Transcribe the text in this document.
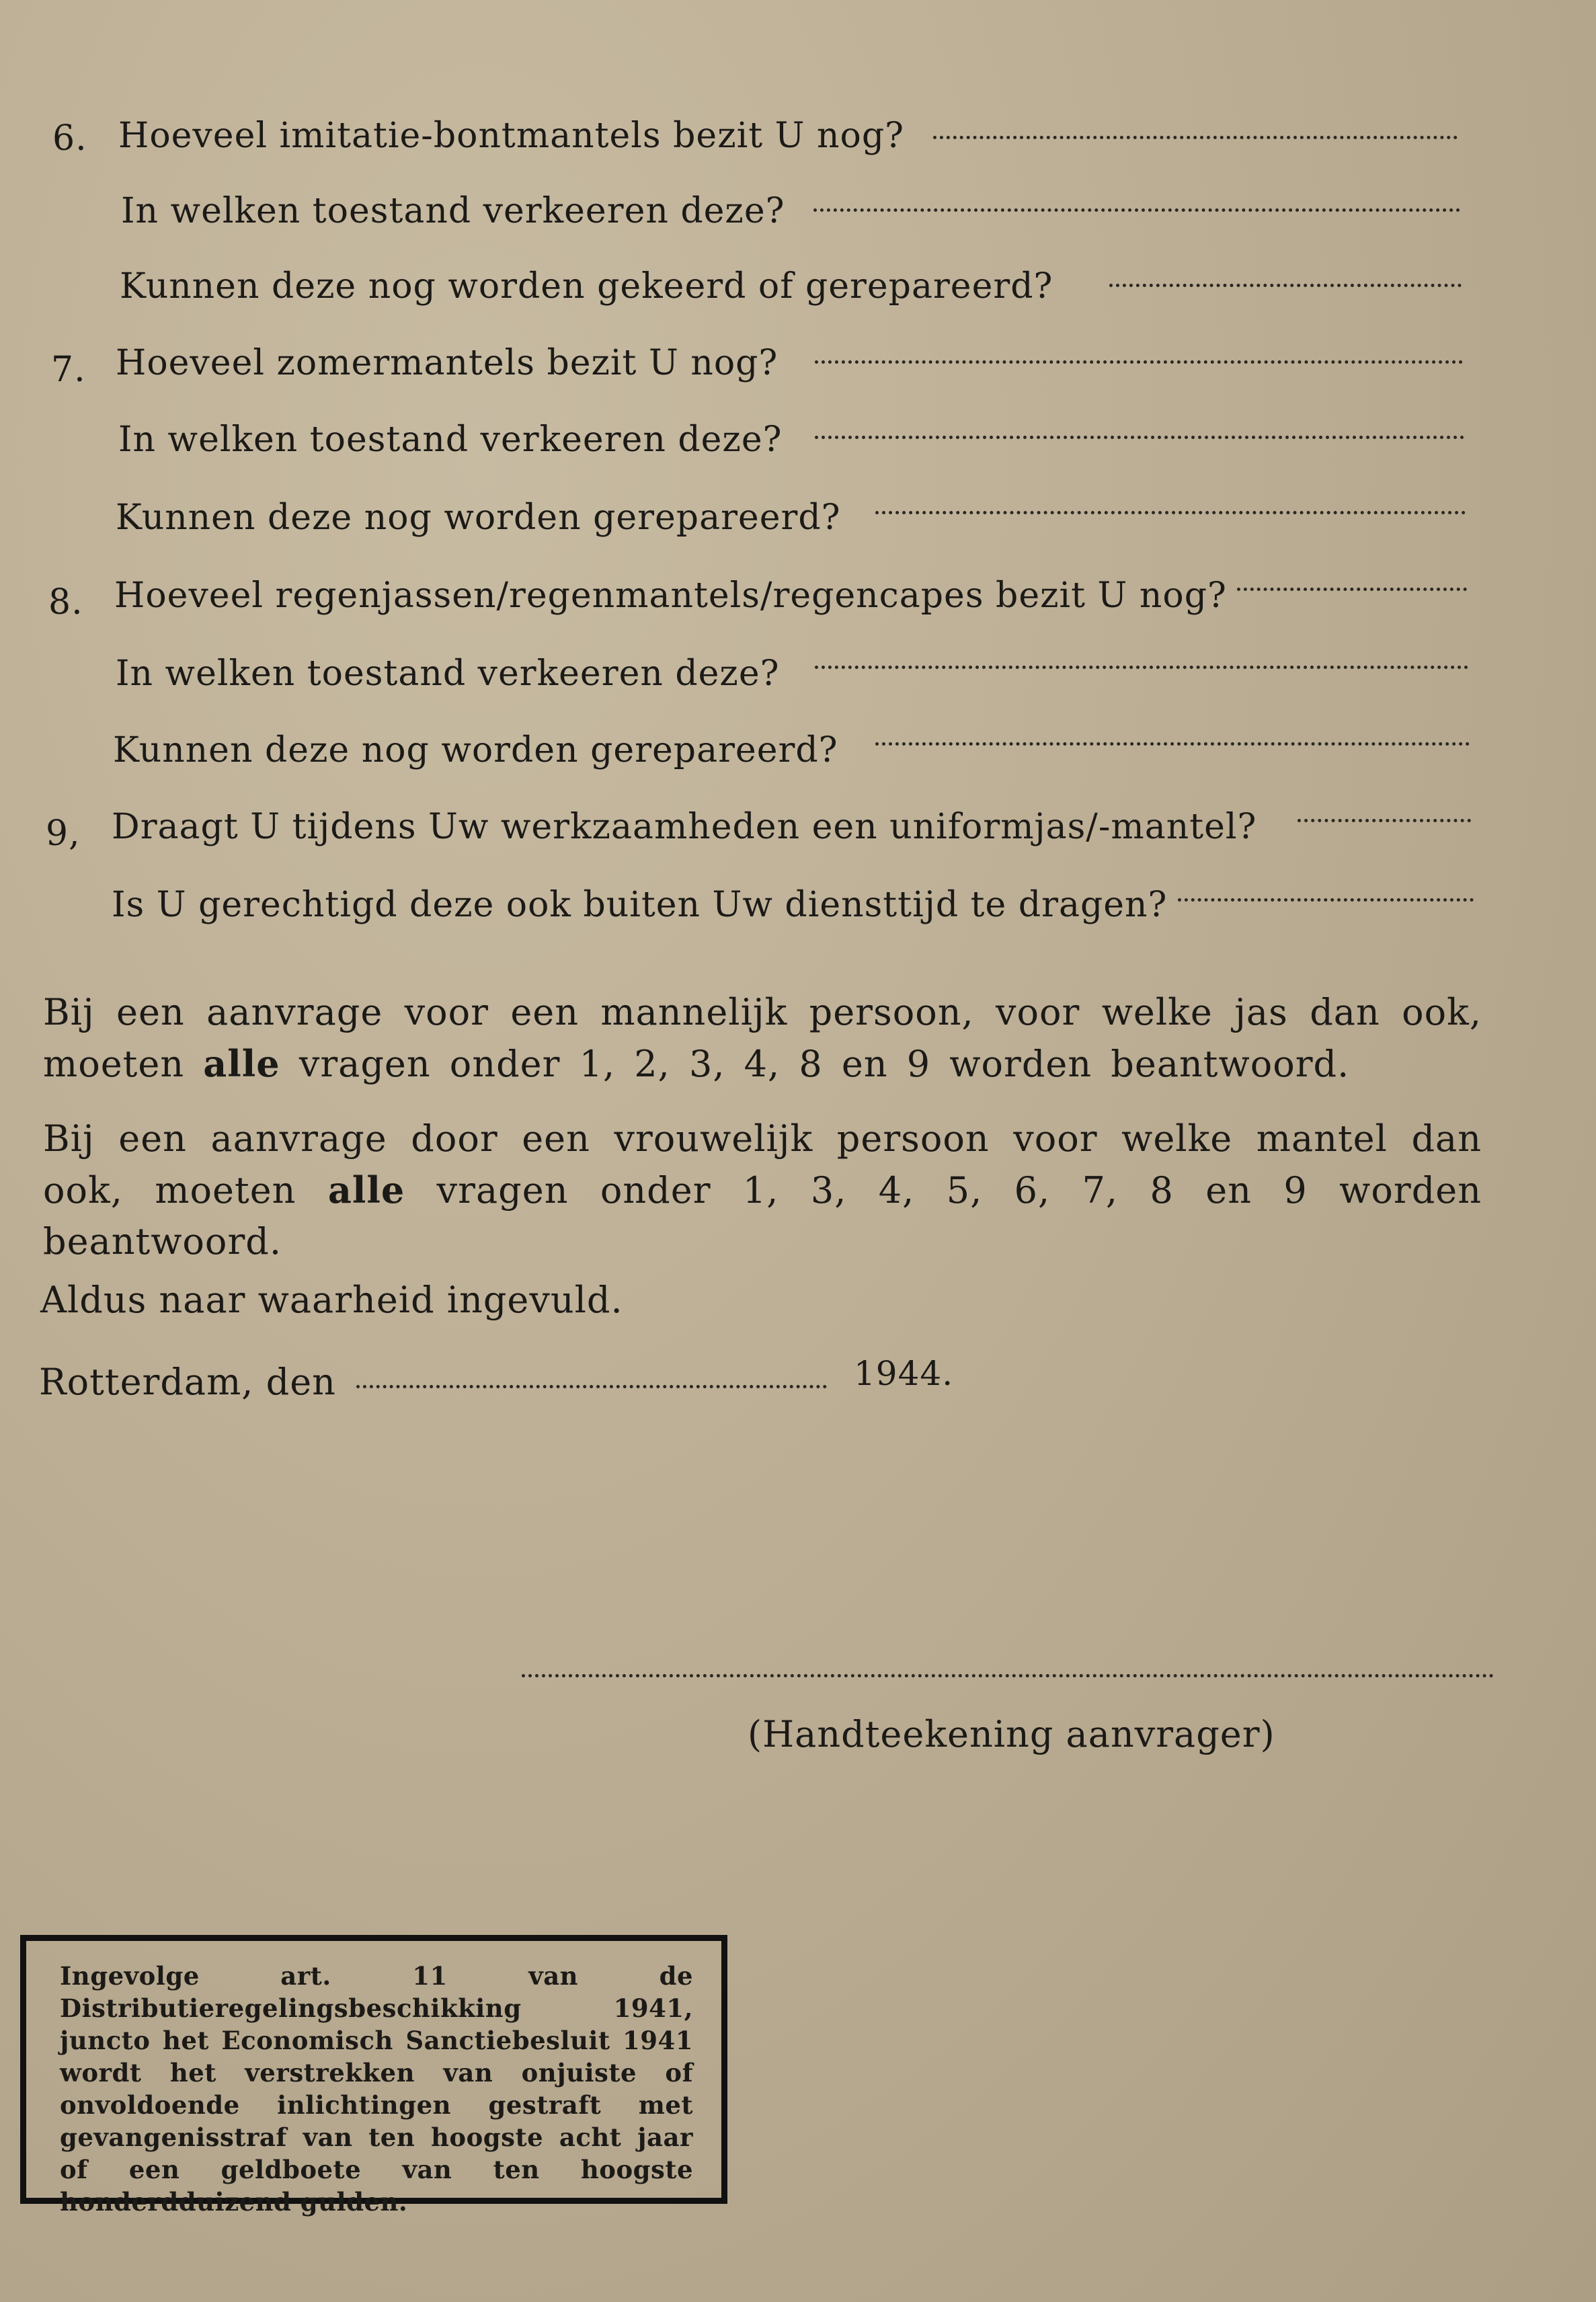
6. Hoeveel imitatie-bontmantels bezit U nog?
In welken toestand verkeeren deze?
Kunnen deze nog worden gekeerd of gerepareerd?
7. Hoeveel zomermantels bezit U nog?
In welken toestand verkeeren deze?
Kunnen deze nog worden gerepareerd?
8. Hoeveel regenjassen/regenmantels/regencapes bezit U nog?
In welken toestand verkeeren deze?
Kunnen deze nog worden gerepareerd?
9, Draagt U tijdens Uw werkzaamheden een uniformjas/-mantel?
Is U gerechtigd deze ook buiten Uw diensttijd te dragen?

Bij een aanvrage voor een mannelijk persoon, voor welke jas dan ook, moeten alle vragen onder 1, 2, 3, 4, 8 en 9 worden beantwoord.

Bij een aanvrage door een vrouwelijk persoon voor welke mantel dan ook, moeten alle vragen onder 1, 3, 4, 5, 6, 7, 8 en 9 worden beantwoord.

Aldus naar waarheid ingevuld.
Rotterdam, den	1944.
(Handteekening aanvrager)
Ingevolge art. 11 van de Distributieregelingsbeschikking 1941, juncto het Economisch Sanctiebesluit 1941 wordt het verstrekken van onjuiste of onvoldoende inlichtingen gestraft met gevangenisstraf van ten hoogste acht jaar of een geldboete van ten hoogste honderdduizend gulden.
